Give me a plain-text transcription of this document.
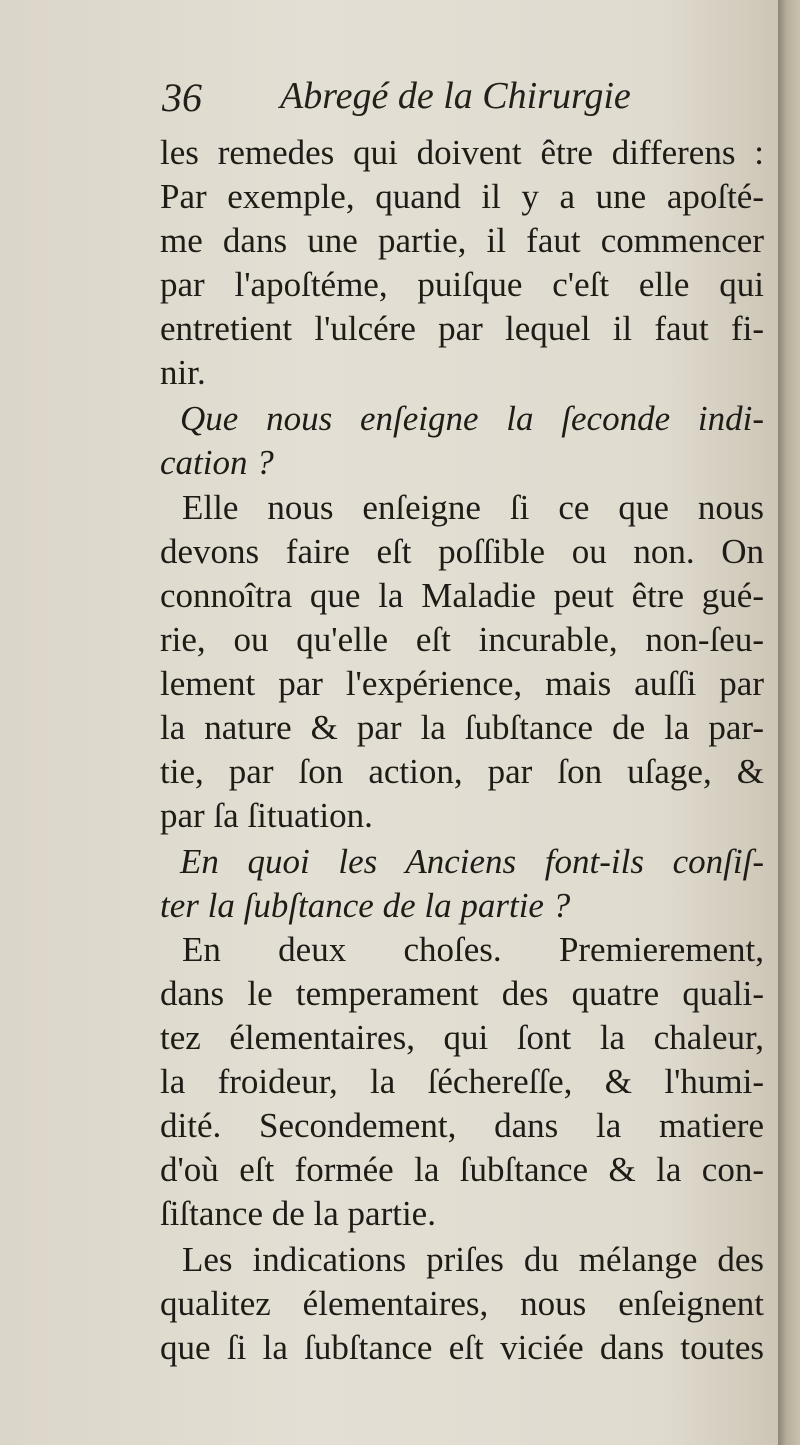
36 Abregé de la Chirurgie

les remedes qui doivent être differens :

Par exemple, quand il y a une apoſté-

me dans une partie, il faut commencer

par l'apoſtéme, puiſque c'eſt elle qui

entretient l'ulcére par lequel il faut fi-

nir.

Que nous enſeigne la ſeconde indi-

cation ?

Elle nous enſeigne ſi ce que nous

devons faire eſt poſſible ou non. On

connoîtra que la Maladie peut être gué-

rie, ou qu'elle eſt incurable, non-ſeu-

lement par l'expérience, mais auſſi par

la nature & par la ſubſtance de la par-

tie, par ſon action, par ſon uſage, &

par ſa ſituation.

En quoi les Anciens font-ils conſiſ-

ter la ſubſtance de la partie ?

En deux choſes. Premierement,

dans le temperament des quatre quali-

tez élementaires, qui ſont la chaleur,

la froideur, la ſéchereſſe, & l'humi-

dité. Secondement, dans la matiere

d'où eſt formée la ſubſtance & la con-

ſiſtance de la partie.

Les indications priſes du mélange des

qualitez élementaires, nous enſeignent

que ſi la ſubſtance eſt viciée dans toutes
